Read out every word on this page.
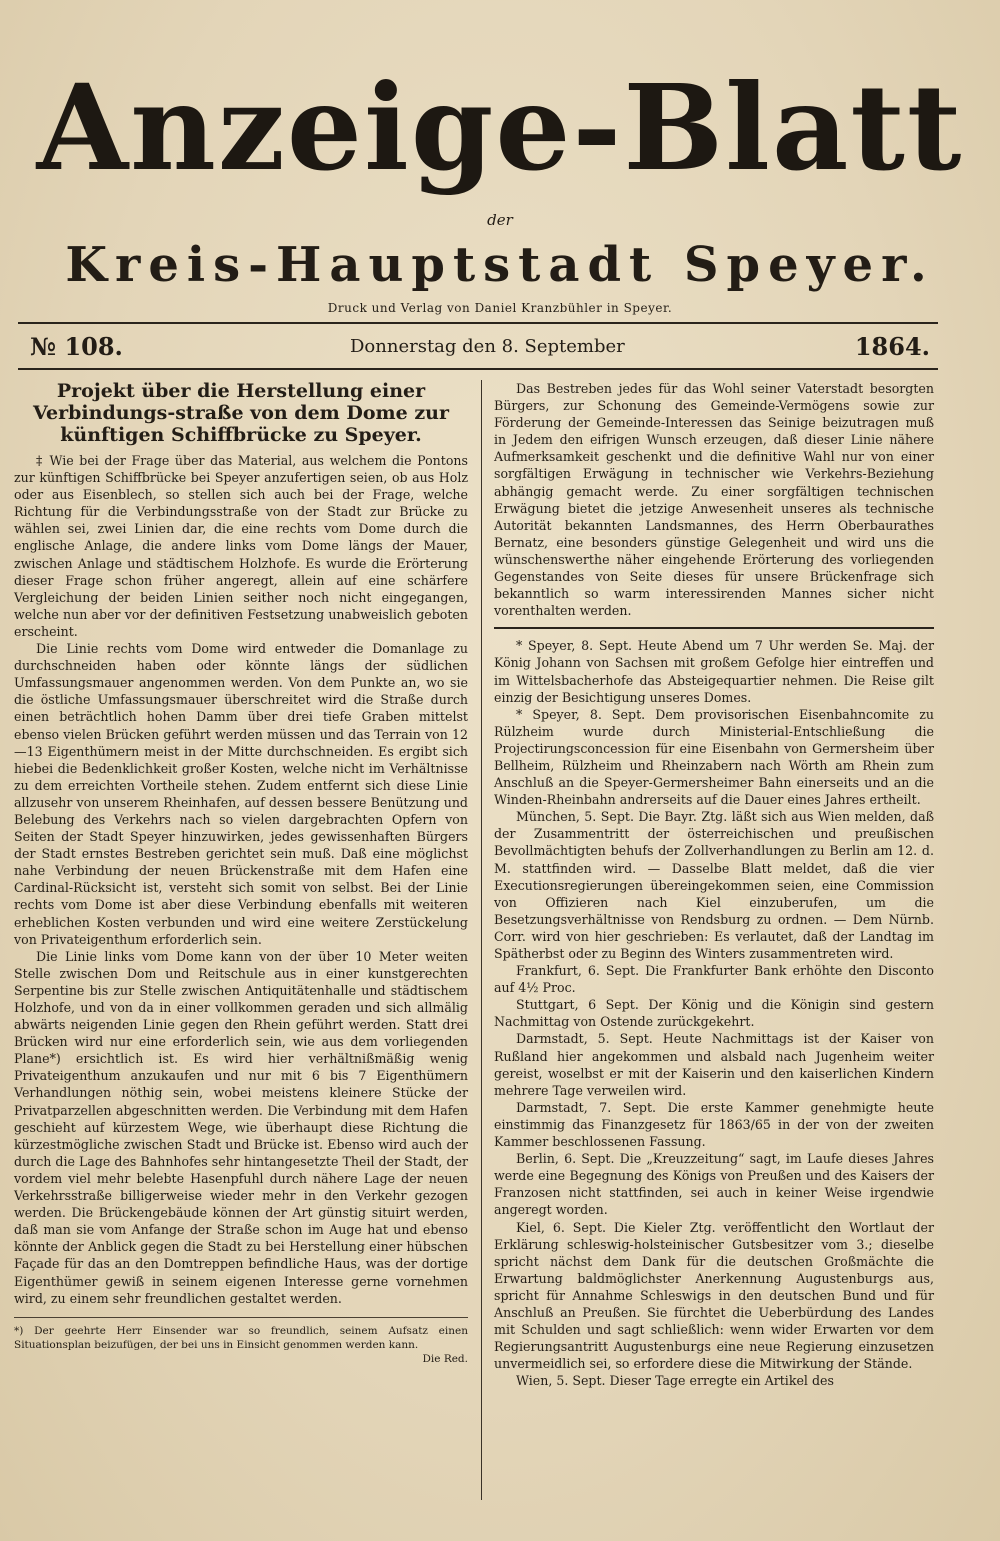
Anzeige-Blatt
der
Kreis-Hauptstadt Speyer.
Druck und Verlag von Daniel Kranzbühler in Speyer.
№ 108.	Donnerstag den 8. September	1864.
Projekt über die Herstellung einer Verbindungs-straße von dem Dome zur künftigen Schiffbrücke zu Speyer.

‡ Wie bei der Frage über das Material, aus welchem die Pontons zur künftigen Schiffbrücke bei Speyer anzufertigen seien, ob aus Holz oder aus Eisenblech, so stellen sich auch bei der Frage, welche Richtung für die Verbindungsstraße von der Stadt zur Brücke zu wählen sei, zwei Linien dar, die eine rechts vom Dome durch die englische Anlage, die andere links vom Dome längs der Mauer, zwischen Anlage und städtischem Holzhofe. Es wurde die Erörterung dieser Frage schon früher angeregt, allein auf eine schärfere Vergleichung der beiden Linien seither noch nicht eingegangen, welche nun aber vor der definitiven Festsetzung unabweislich geboten erscheint.

Die Linie rechts vom Dome wird entweder die Domanlage zu durchschneiden haben oder könnte längs der südlichen Umfassungsmauer angenommen werden. Von dem Punkte an, wo sie die östliche Umfassungsmauer überschreitet wird die Straße durch einen beträchtlich hohen Damm über drei tiefe Graben mittelst ebenso vielen Brücken geführt werden müssen und das Terrain von 12—13 Eigenthümern meist in der Mitte durchschneiden. Es ergibt sich hiebei die Bedenklichkeit großer Kosten, welche nicht im Verhältnisse zu dem erreichten Vortheile stehen. Zudem entfernt sich diese Linie allzusehr von unserem Rheinhafen, auf dessen bessere Benützung und Belebung des Verkehrs nach so vielen dargebrachten Opfern von Seiten der Stadt Speyer hinzuwirken, jedes gewissenhaften Bürgers der Stadt ernstes Bestreben gerichtet sein muß. Daß eine möglichst nahe Verbindung der neuen Brückenstraße mit dem Hafen eine Cardinal-Rücksicht ist, versteht sich somit von selbst. Bei der Linie rechts vom Dome ist aber diese Verbindung ebenfalls mit weiteren erheblichen Kosten verbunden und wird eine weitere Zerstückelung von Privateigenthum erforderlich sein.

Die Linie links vom Dome kann von der über 10 Meter weiten Stelle zwischen Dom und Reitschule aus in einer kunstgerechten Serpentine bis zur Stelle zwischen Antiquitätenhalle und städtischem Holzhofe, und von da in einer vollkommen geraden und sich allmälig abwärts neigenden Linie gegen den Rhein geführt werden. Statt drei Brücken wird nur eine erforderlich sein, wie aus dem vorliegenden Plane*) ersichtlich ist. Es wird hier verhältnißmäßig wenig Privateigenthum anzukaufen und nur mit 6 bis 7 Eigenthümern Verhandlungen nöthig sein, wobei meistens kleinere Stücke der Privatparzellen abgeschnitten werden. Die Verbindung mit dem Hafen geschieht auf kürzestem Wege, wie überhaupt diese Richtung die kürzestmögliche zwischen Stadt und Brücke ist. Ebenso wird auch der durch die Lage des Bahnhofes sehr hintangesetzte Theil der Stadt, der vordem viel mehr belebte Hasenpfuhl durch nähere Lage der neuen Verkehrsstraße billigerweise wieder mehr in den Verkehr gezogen werden. Die Brückengebäude können der Art günstig situirt werden, daß man sie vom Anfange der Straße schon im Auge hat und ebenso könnte der Anblick gegen die Stadt zu bei Herstellung einer hübschen Façade für das an den Domtreppen befindliche Haus, was der dortige Eigenthümer gewiß in seinem eigenen Interesse gerne vornehmen wird, zu einem sehr freundlichen gestaltet werden.

*) Der geehrte Herr Einsender war so freundlich, seinem Aufsatz einen Situationsplan beizufügen, der bei uns in Einsicht genommen werden kann.
Die Red.

Das Bestreben jedes für das Wohl seiner Vaterstadt besorgten Bürgers, zur Schonung des Gemeinde-Vermögens sowie zur Förderung der Gemeinde-Interessen das Seinige beizutragen muß in Jedem den eifrigen Wunsch erzeugen, daß dieser Linie nähere Aufmerksamkeit geschenkt und die definitive Wahl nur von einer sorgfältigen Erwägung in technischer wie Verkehrs-Beziehung abhängig gemacht werde. Zu einer sorgfältigen technischen Erwägung bietet die jetzige Anwesenheit unseres als technische Autorität bekannten Landsmannes, des Herrn Oberbaurathes Bernatz, eine besonders günstige Gelegenheit und wird uns die wünschenswerthe näher eingehende Erörterung des vorliegenden Gegenstandes von Seite dieses für unsere Brückenfrage sich bekanntlich so warm interessirenden Mannes sicher nicht vorenthalten werden.

* Speyer, 8. Sept. Heute Abend um 7 Uhr werden Se. Maj. der König Johann von Sachsen mit großem Gefolge hier eintreffen und im Wittelsbacherhofe das Absteigequartier nehmen. Die Reise gilt einzig der Besichtigung unseres Domes.

* Speyer, 8. Sept. Dem provisorischen Eisenbahncomite zu Rülzheim wurde durch Ministerial-Entschließung die Projectirungsconcession für eine Eisenbahn von Germersheim über Bellheim, Rülzheim und Rheinzabern nach Wörth am Rhein zum Anschluß an die Speyer-Germersheimer Bahn einerseits und an die Winden-Rheinbahn andrerseits auf die Dauer eines Jahres ertheilt.

München, 5. Sept. Die Bayr. Ztg. läßt sich aus Wien melden, daß der Zusammentritt der österreichischen und preußischen Bevollmächtigten behufs der Zollverhandlungen zu Berlin am 12. d. M. stattfinden wird. — Dasselbe Blatt meldet, daß die vier Executionsregierungen übereingekommen seien, eine Commission von Offizieren nach Kiel einzuberufen, um die Besetzungsverhältnisse von Rendsburg zu ordnen. — Dem Nürnb. Corr. wird von hier geschrieben: Es verlautet, daß der Landtag im Spätherbst oder zu Beginn des Winters zusammentreten wird.

Frankfurt, 6. Sept. Die Frankfurter Bank erhöhte den Disconto auf 4½ Proc.

Stuttgart, 6 Sept. Der König und die Königin sind gestern Nachmittag von Ostende zurückgekehrt.

Darmstadt, 5. Sept. Heute Nachmittags ist der Kaiser von Rußland hier angekommen und alsbald nach Jugenheim weiter gereist, woselbst er mit der Kaiserin und den kaiserlichen Kindern mehrere Tage verweilen wird.

Darmstadt, 7. Sept. Die erste Kammer genehmigte heute einstimmig das Finanzgesetz für 1863/65 in der von der zweiten Kammer beschlossenen Fassung.

Berlin, 6. Sept. Die „Kreuzzeitung“ sagt, im Laufe dieses Jahres werde eine Begegnung des Königs von Preußen und des Kaisers der Franzosen nicht stattfinden, sei auch in keiner Weise irgendwie angeregt worden.

Kiel, 6. Sept. Die Kieler Ztg. veröffentlicht den Wortlaut der Erklärung schleswig-holsteinischer Gutsbesitzer vom 3.; dieselbe spricht nächst dem Dank für die deutschen Großmächte die Erwartung baldmöglichster Anerkennung Augustenburgs aus, spricht für Annahme Schleswigs in den deutschen Bund und für Anschluß an Preußen. Sie fürchtet die Ueberbürdung des Landes mit Schulden und sagt schließlich: wenn wider Erwarten vor dem Regierungsantritt Augustenburgs eine neue Regierung einzusetzen unvermeidlich sei, so erfordere diese die Mitwirkung der Stände.

Wien, 5. Sept. Dieser Tage erregte ein Artikel des
